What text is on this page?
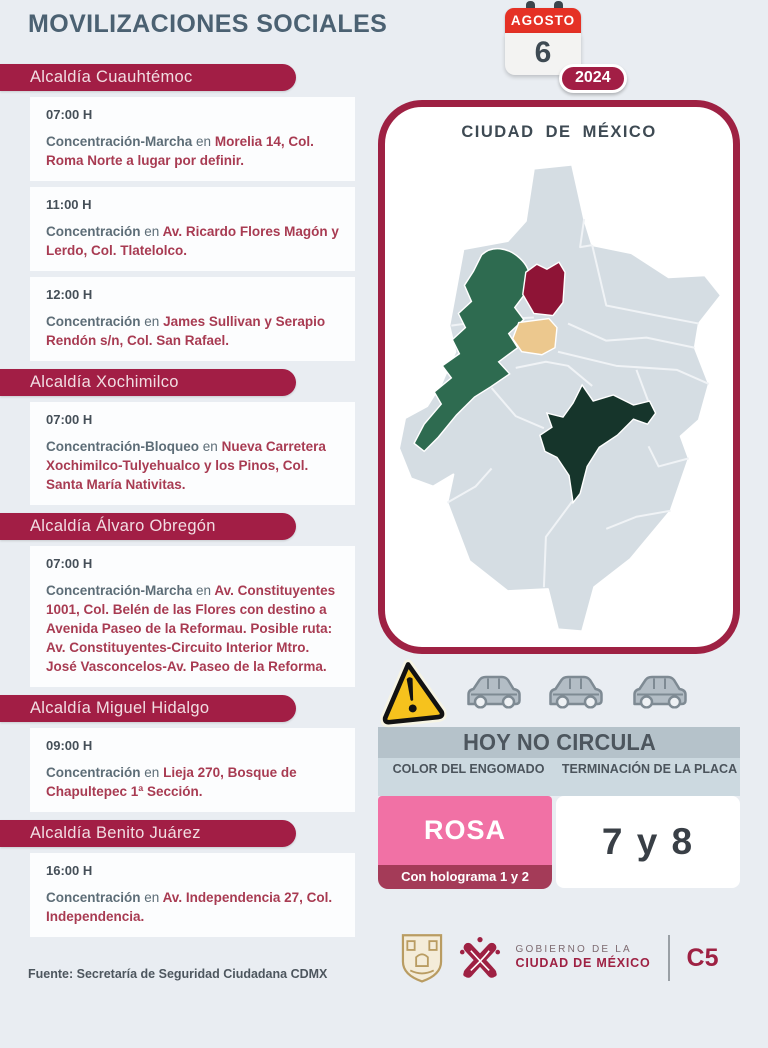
MOVILIZACIONES SOCIALES	AGOSTO
6
2024
Alcaldía Cuauhtémoc
07:00 H

Concentración-Marcha en Morelia 14, Col. Roma Norte a lugar por definir.

11:00 H

Concentración en Av. Ricardo Flores Magón y Lerdo, Col. Tlatelolco.

12:00 H

Concentración en James Sullivan y Serapio Rendón s/n, Col. San Rafael.

Alcaldía Xochimilco
07:00 H

Concentración-Bloqueo en Nueva Carretera Xochimilco-Tulyehualco y los Pinos, Col. Santa María Nativitas.

Alcaldía Álvaro Obregón
07:00 H

Concentración-Marcha en Av. Constituyentes 1001, Col. Belén de las Flores con destino a Avenida Paseo de la Reformau. Posible ruta: Av. Constituyentes-Circuito Interior Mtro. José Vasconcelos-Av. Paseo de la Reforma.

Alcaldía Miguel Hidalgo
09:00 H

Concentración en Lieja 270, Bosque de Chapultepec 1ª Sección.

Alcaldía Benito Juárez
16:00 H

Concentración en Av. Independencia 27, Col. Independencia.

CIUDAD DE MÉXICO
HOY NO CIRCULA
COLOR DEL ENGOMADO	TERMINACIÓN DE LA PLACA
ROSA
Con holograma 1 y 2
7 y 8
GOBIERNO DE LA
CIUDAD DE MÉXICO C5
Fuente: Secretaría de Seguridad Ciudadana CDMX
